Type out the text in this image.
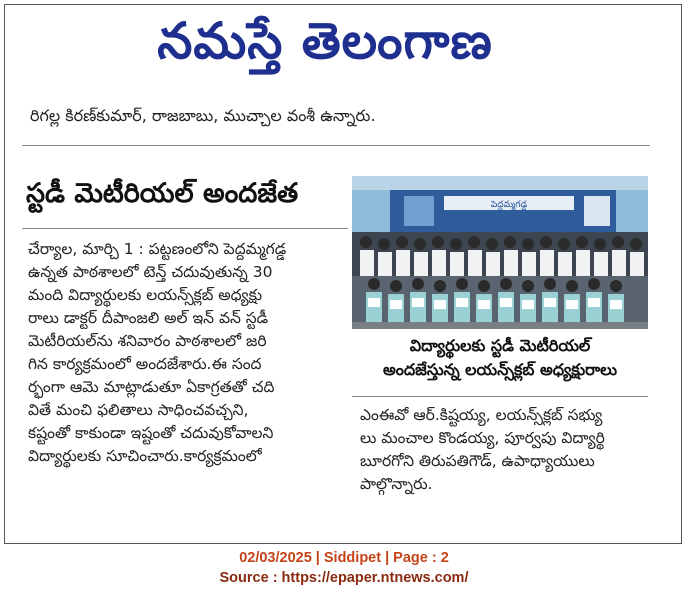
నమస్తే తెలంగాణ
రిగల్ల కిరణ్‌కుమార్, రాజబాబు, ముచ్చాల వంశీ ఉన్నారు.
స్టడీ మెటీరియల్ అందజేత

చేర్యాల, మార్చి 1 : పట్టణంలోని పెద్దమ్మగడ్డ

ఉన్నత పాఠశాలలో టెన్త్ చదువుతున్న 30

మంది విద్యార్థులకు లయన్స్‌క్లబ్ అధ్యక్షు

రాలు డాక్టర్ దీపాంజలి అల్ ఇన్ వన్ స్టడీ

మెటీరియల్‌ను శనివారం పాఠశాలలో జరి

గిన కార్యక్రమంలో అందజేశారు.ఈ సంద

ర్భంగా ఆమె మాట్లాడుతూ ఏకాగ్రతతో చది

వితే మంచి ఫలితాలు సాధించవచ్చని,

కష్టంతో కాకుండా ఇష్టంతో చదువుకోవాలని

విద్యార్థులకు సూచించారు.కార్యక్రమంలో

పెద్దమ్మగడ్డ

విద్యార్థులకు స్టడీ మెటీరియల్

అందజేస్తున్న లయన్స్‌క్లబ్ అధ్యక్షురాలు

ఎంఈవో ఆర్.కిష్టయ్య, లయన్స్‌క్లబ్ సభ్యు

లు మంచాల కొండయ్య, పూర్వపు విద్యార్థి

బూరగోని తిరుపతిగౌడ్, ఉపాధ్యాయులు

పాల్గొన్నారు.

02/03/2025 | Siddipet | Page : 2
Source : https://epaper.ntnews.com/
